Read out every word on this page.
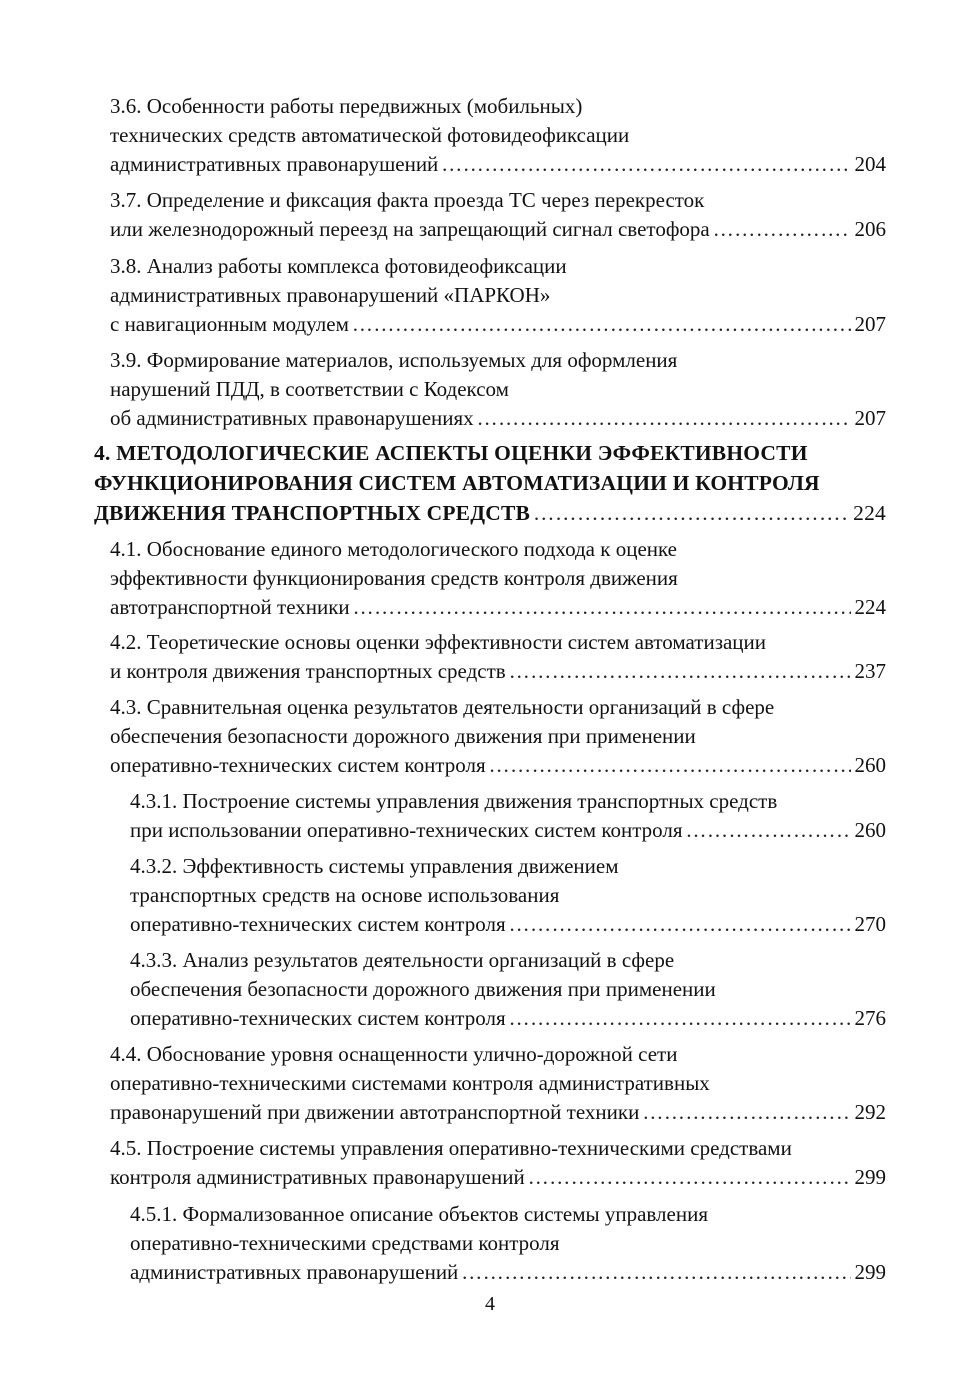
3.6. Особенности работы передвижных (мобильных)
технических средств автоматической фотовидеофиксации
административных правонарушений …………………………………………………………………………………………………………………………………………………………………………………………………	204
3.7. Определение и фиксация факта проезда ТС через перекресток
или железнодорожный переезд на запрещающий сигнал светофора …………………………………………………………………………………………………………………………………………………………………………………………………	206
3.8. Анализ работы комплекса фотовидеофиксации
административных правонарушений «ПАРКОН»
с навигационным модулем …………………………………………………………………………………………………………………………………………………………………………………………………	207
3.9. Формирование материалов, используемых для оформления
нарушений ПДД, в соответствии с Кодексом
об административных правонарушениях …………………………………………………………………………………………………………………………………………………………………………………………………	207
4. МЕТОДОЛОГИЧЕСКИЕ АСПЕКТЫ ОЦЕНКИ ЭФФЕКТИВНОСТИ
ФУНКЦИОНИРОВАНИЯ СИСТЕМ АВТОМАТИЗАЦИИ И КОНТРОЛЯ
ДВИЖЕНИЯ ТРАНСПОРТНЫХ СРЕДСТВ …………………………………………………………………………………………………………………………………………………………………………………………………	224
4.1. Обоснование единого методологического подхода к оценке
эффективности функционирования средств контроля движения
автотранспортной техники …………………………………………………………………………………………………………………………………………………………………………………………………	224
4.2. Теоретические основы оценки эффективности систем автоматизации
и контроля движения транспортных средств …………………………………………………………………………………………………………………………………………………………………………………………………	237
4.3. Сравнительная оценка результатов деятельности организаций в сфере
обеспечения безопасности дорожного движения при применении
оперативно-технических систем контроля …………………………………………………………………………………………………………………………………………………………………………………………………	260
4.3.1. Построение системы управления движения транспортных средств
при использовании оперативно-технических систем контроля …………………………………………………………………………………………………………………………………………………………………………………………………	260
4.3.2. Эффективность системы управления движением
транспортных средств на основе использования
оперативно-технических систем контроля …………………………………………………………………………………………………………………………………………………………………………………………………	270
4.3.3. Анализ результатов деятельности организаций в сфере
обеспечения безопасности дорожного движения при применении
оперативно-технических систем контроля …………………………………………………………………………………………………………………………………………………………………………………………………	276
4.4. Обоснование уровня оснащенности улично-дорожной сети
оперативно-техническими системами контроля административных
правонарушений при движении автотранспортной техники …………………………………………………………………………………………………………………………………………………………………………………………………	292
4.5. Построение системы управления оперативно-техническими средствами
контроля административных правонарушений …………………………………………………………………………………………………………………………………………………………………………………………………	299
4.5.1. Формализованное описание объектов системы управления
оперативно-техническими средствами контроля
административных правонарушений …………………………………………………………………………………………………………………………………………………………………………………………………	299
4
